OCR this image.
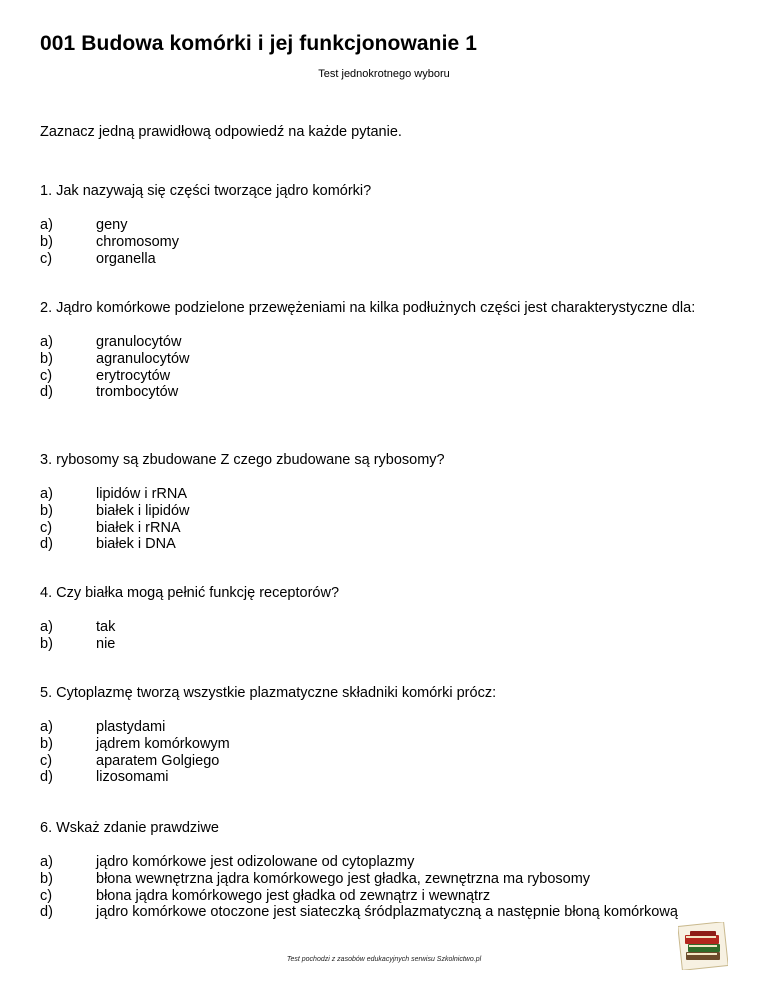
001 Budowa komórki i jej funkcjonowanie 1
Test jednokrotnego wyboru
Zaznacz jedną prawidłową odpowiedź na każde pytanie.
1. Jak nazywają się części tworzące jądro komórki?
a)	geny
b)	chromosomy
c)	organella
2. Jądro komórkowe podzielone przewężeniami na kilka podłużnych części jest charakterystyczne dla:
a)	granulocytów
b)	agranulocytów
c)	erytrocytów
d)	trombocytów
3. rybosomy są zbudowane Z czego zbudowane są rybosomy?
a)	lipidów i rRNA
b)	białek i lipidów
c)	białek i rRNA
d)	białek i DNA
4. Czy białka mogą pełnić funkcję receptorów?
a)	tak
b)	nie
5. Cytoplazmę tworzą wszystkie plazmatyczne składniki komórki prócz:
a)	plastydami
b)	jądrem komórkowym
c)	aparatem Golgiego
d)	lizosomami
6. Wskaż zdanie prawdziwe
a)	jądro komórkowe jest odizolowane od cytoplazmy
b)	błona wewnętrzna jądra komórkowego jest gładka, zewnętrzna ma rybosomy
c)	błona jądra komórkowego jest gładka od zewnątrz i wewnątrz
d)	jądro komórkowe otoczone jest siateczką śródplazmatyczną a następnie błoną komórkową
Test pochodzi z zasobów edukacyjnych serwisu Szkolnictwo.pl
